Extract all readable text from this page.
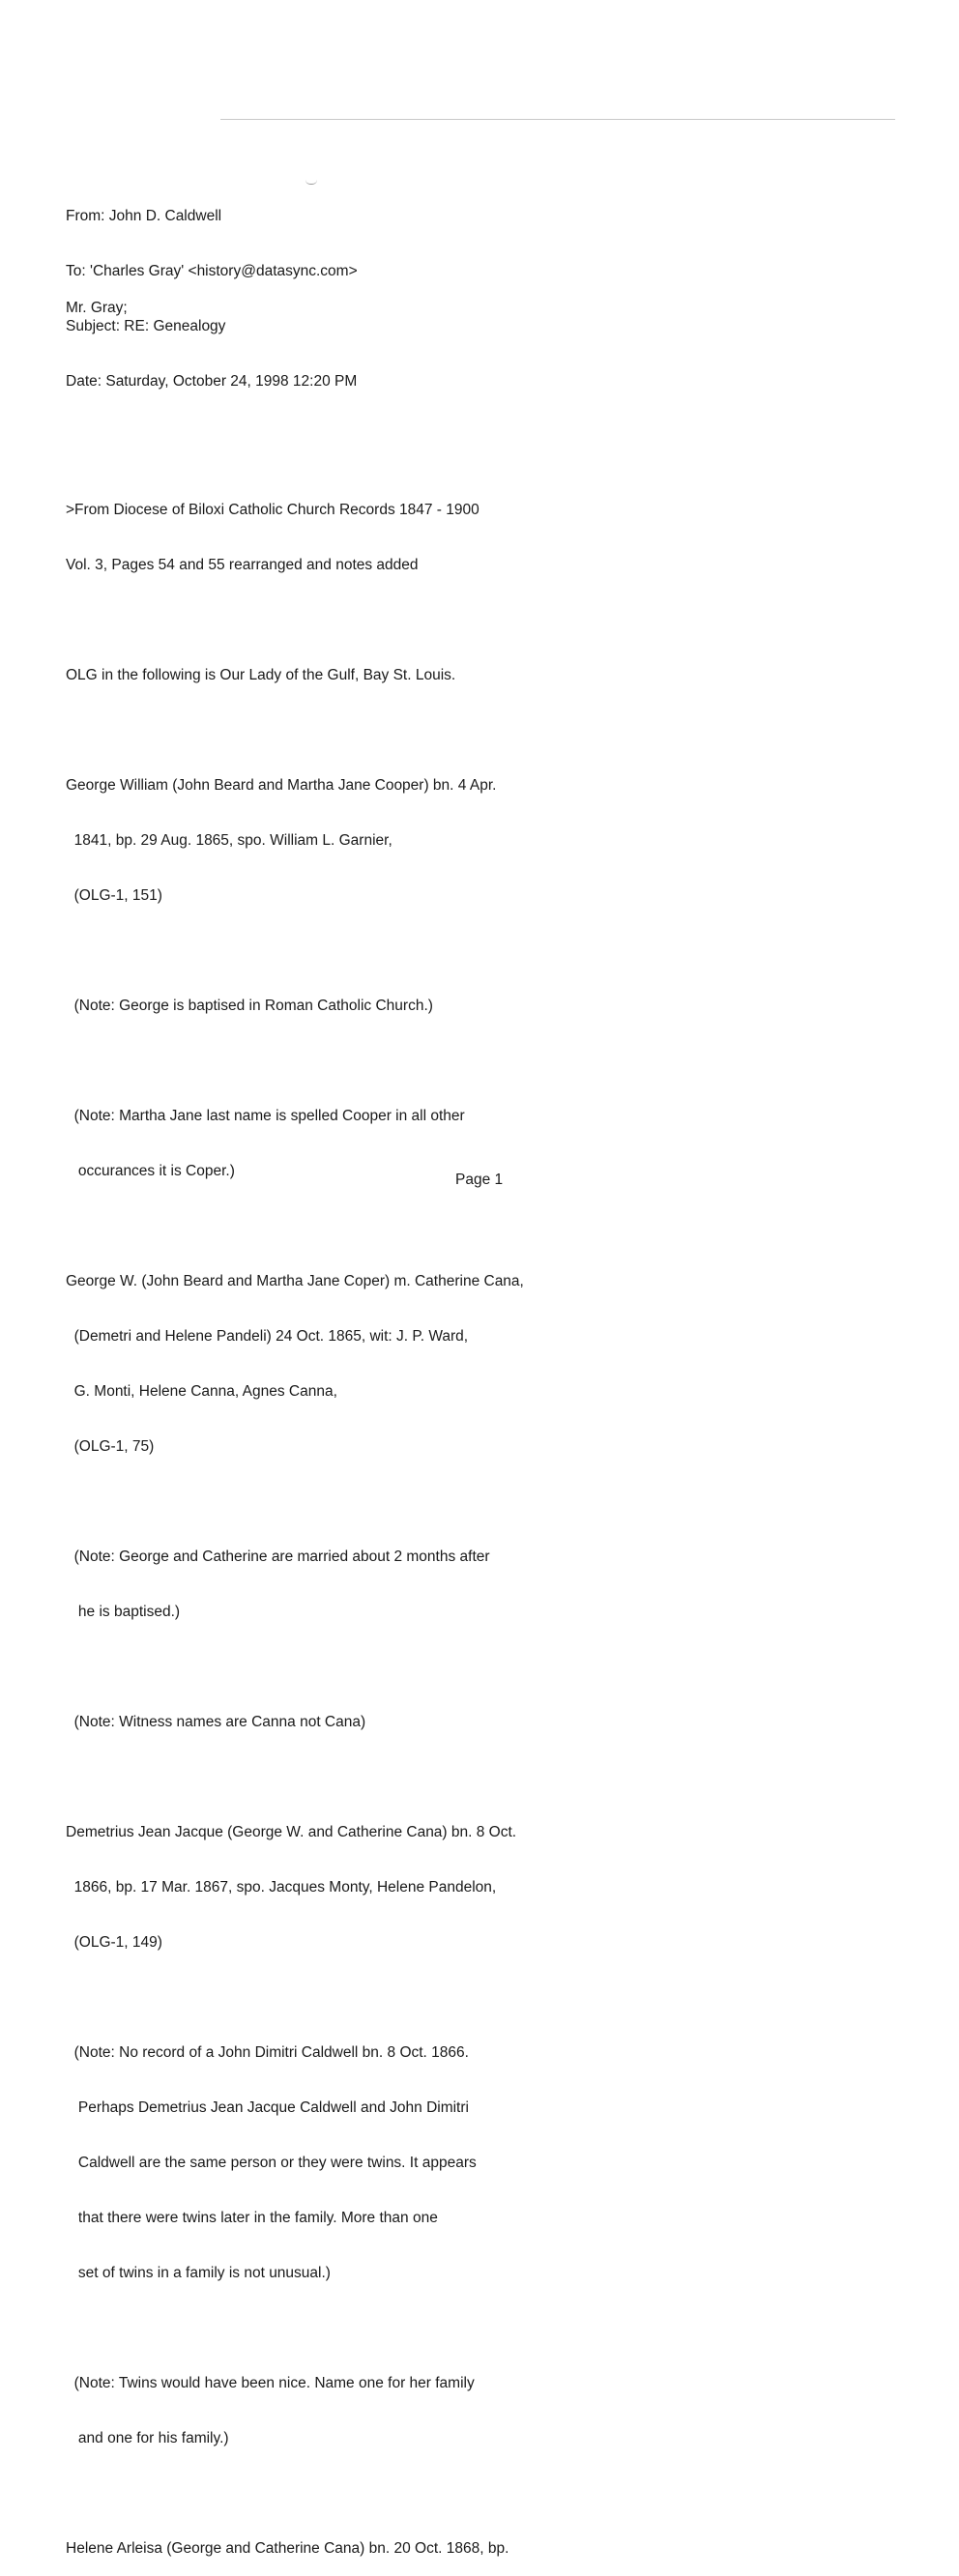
From: John D. Caldwell

To: 'Charles Gray' <history@datasync.com>

Subject: RE: Genealogy

Date: Saturday, October 24, 1998 12:20 PM

Mr. Gray;

>From Diocese of Biloxi Catholic Church Records 1847 - 1900

Vol. 3, Pages 54 and 55 rearranged and notes added

OLG in the following is Our Lady of the Gulf, Bay St. Louis.

George William (John Beard and Martha Jane Cooper) bn. 4 Apr.

1841, bp. 29 Aug. 1865, spo. William L. Garnier,

(OLG-1, 151)

(Note: George is baptised in Roman Catholic Church.)

(Note: Martha Jane last name is spelled Cooper in all other

occurances it is Coper.)

George W. (John Beard and Martha Jane Coper) m. Catherine Cana,

(Demetri and Helene Pandeli) 24 Oct. 1865, wit: J. P. Ward,

G. Monti, Helene Canna, Agnes Canna,

(OLG-1, 75)

(Note: George and Catherine are married about 2 months after

he is baptised.)

(Note: Witness names are Canna not Cana)

Demetrius Jean Jacque (George W. and Catherine Cana) bn. 8 Oct.

1866, bp. 17 Mar. 1867, spo. Jacques Monty, Helene Pandelon,

(OLG-1, 149)

(Note: No record of a John Dimitri Caldwell bn. 8 Oct. 1866.

Perhaps Demetrius Jean Jacque Caldwell and John Dimitri

Caldwell are the same person or they were twins. It appears

that there were twins later in the family. More than one

set of twins in a family is not unusual.)

(Note: Twins would have been nice. Name one for her family

and one for his family.)

Helene Arleisa (George and Catherine Cana) bn. 20 Oct. 1868, bp.

Page 1
